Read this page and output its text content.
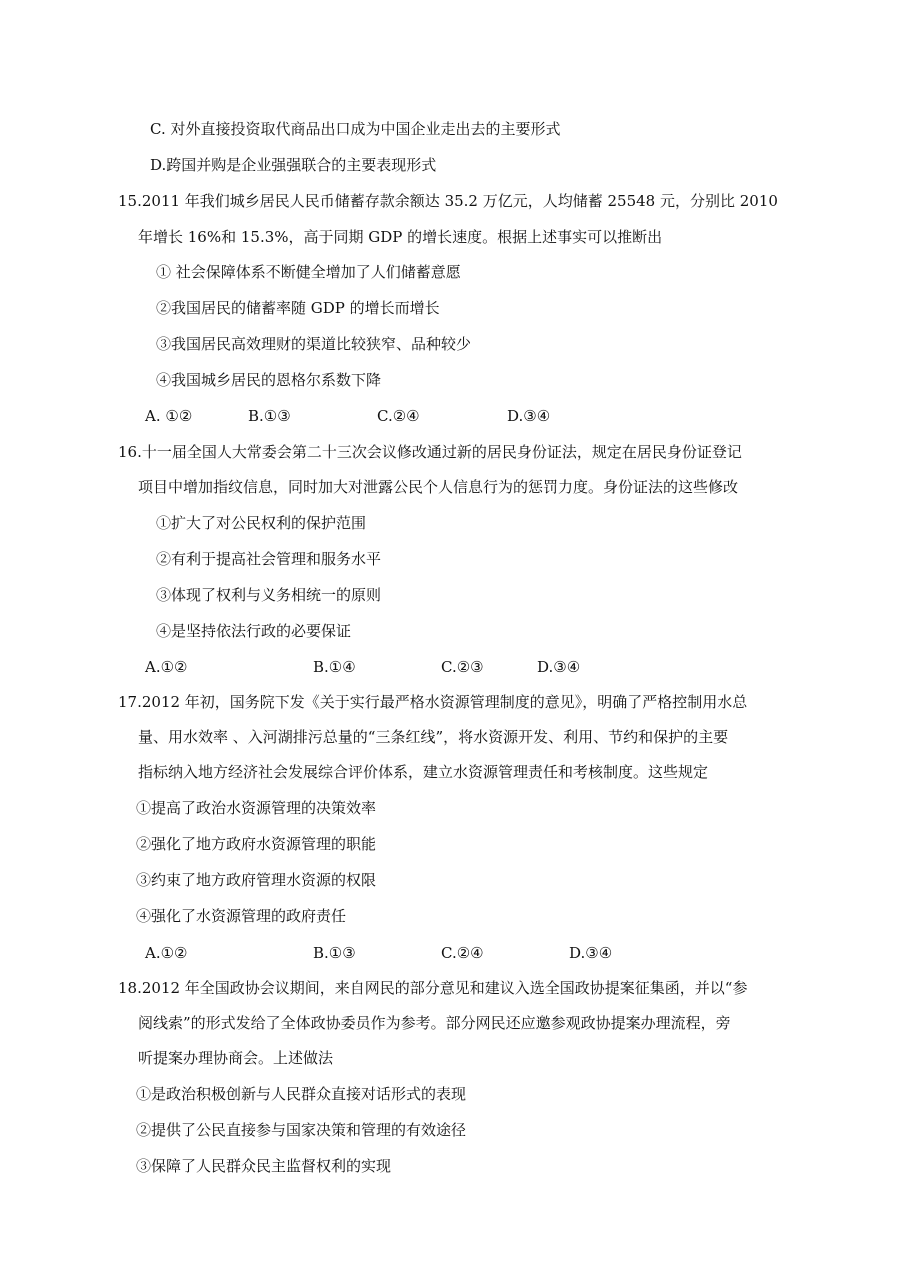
C. 对外直接投资取代商品出口成为中国企业走出去的主要形式
D.跨国并购是企业强强联合的主要表现形式
15.2011 年我们城乡居民人民币储蓄存款余额达 35.2 万亿元，人均储蓄 25548 元，分别比 2010
年增长 16%和 15.3%，高于同期 GDP 的增长速度。根据上述事实可以推断出
① 社会保障体系不断健全增加了人们储蓄意愿
②我国居民的储蓄率随 GDP 的增长而增长
③我国居民高效理财的渠道比较狭窄、品种较少
④我国城乡居民的恩格尔系数下降
A. ①②	B.①③	C.②④	D.③④
16.十一届全国人大常委会第二十三次会议修改通过新的居民身份证法，规定在居民身份证登记
项目中增加指纹信息，同时加大对泄露公民个人信息行为的惩罚力度。身份证法的这些修改
①扩大了对公民权利的保护范围
②有利于提高社会管理和服务水平
③体现了权利与义务相统一的原则
④是坚持依法行政的必要保证
A.①②	B.①④	C.②③	D.③④
17.2012 年初，国务院下发《关于实行最严格水资源管理制度的意见》，明确了严格控制用水总
量、用水效率 、入河湖排污总量的“三条红线”，将水资源开发、利用、节约和保护的主要
指标纳入地方经济社会发展综合评价体系，建立水资源管理责任和考核制度。这些规定
①提高了政治水资源管理的决策效率
②强化了地方政府水资源管理的职能
③约束了地方政府管理水资源的权限
④强化了水资源管理的政府责任
A.①②	B.①③	C.②④	D.③④
18.2012 年全国政协会议期间，来自网民的部分意见和建议入选全国政协提案征集函，并以“参
阅线索”的形式发给了全体政协委员作为参考。部分网民还应邀参观政协提案办理流程，旁
听提案办理协商会。上述做法
①是政治积极创新与人民群众直接对话形式的表现
②提供了公民直接参与国家决策和管理的有效途径
③保障了人民群众民主监督权利的实现
